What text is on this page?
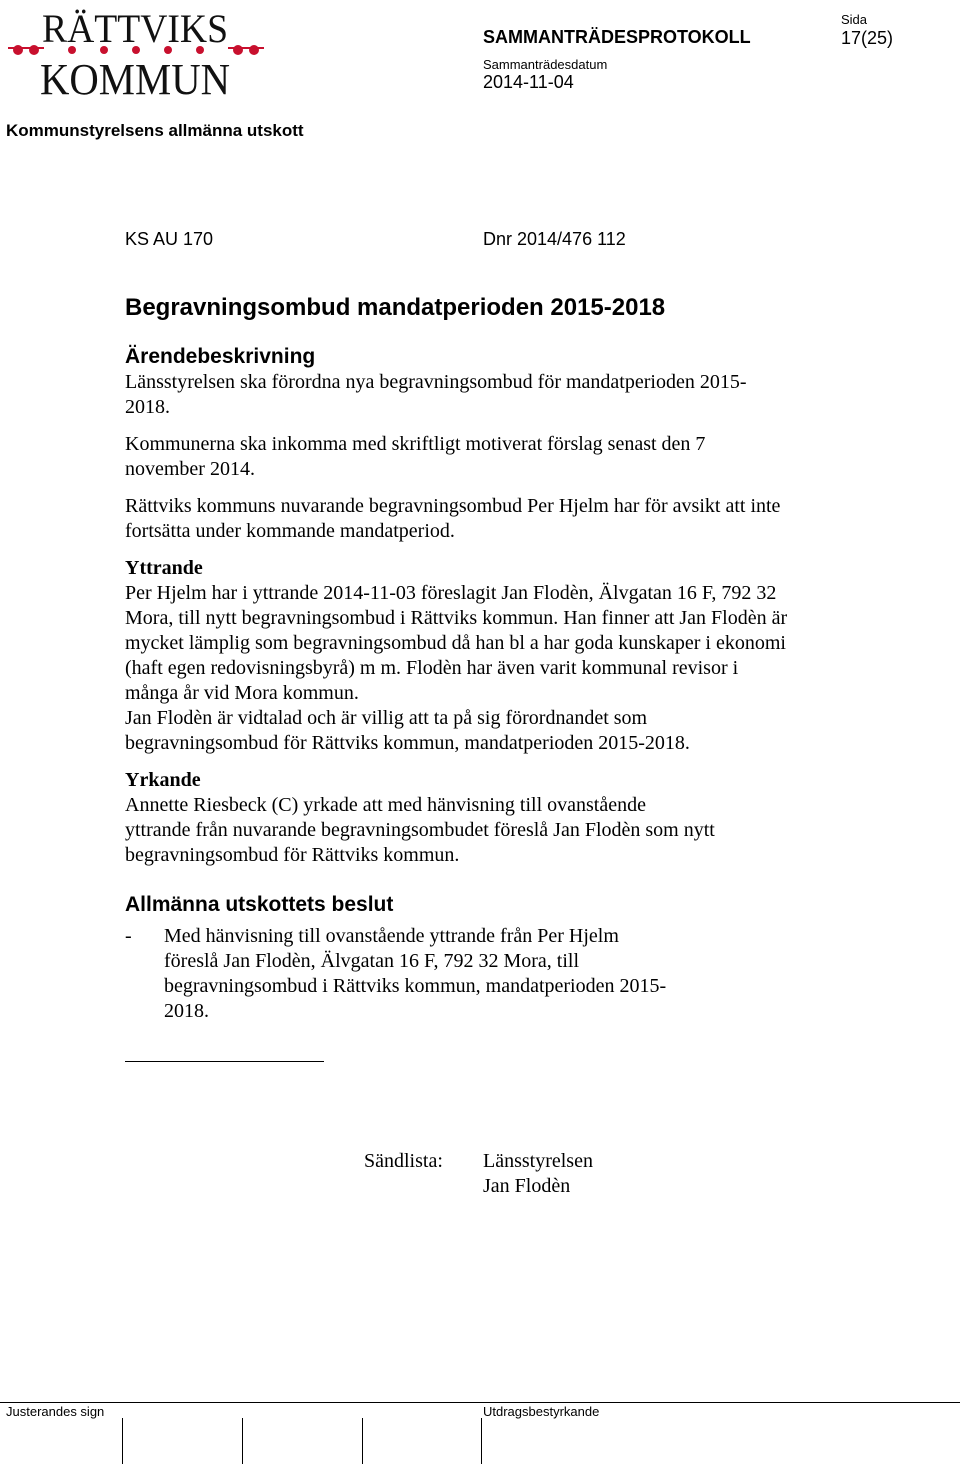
RÄTTVIKS
KOMMUN
SAMMANTRÄDESPROTOKOLL
Sammanträdesdatum
2014-11-04
Sida
17(25)
Kommunstyrelsens allmänna utskott
KS AU 170	Dnr 2014/476 112
Begravningsombud mandatperioden 2015-2018
Ärendebeskrivning

Länsstyrelsen ska förordna nya begravningsombud för mandatperioden 2015-2018.

Kommunerna ska inkomma med skriftligt motiverat förslag senast den 7 november 2014.

Rättviks kommuns nuvarande begravningsombud Per Hjelm har för avsikt att inte fortsätta under kommande mandatperiod.

Yttrande

Per Hjelm har i yttrande 2014-11-03 föreslagit Jan Flodèn, Älvgatan 16 F, 792 32 Mora, till nytt begravningsombud i Rättviks kommun. Han finner att Jan Flodèn är mycket lämplig som begravningsombud då han bl a har goda kunskaper i ekonomi (haft egen redovisningsbyrå) m m. Flodèn har även varit kommunal revisor i många år vid Mora kommun.

Jan Flodèn är vidtalad och är villig att ta på sig förordnandet som begravningsombud för Rättviks kommun, mandatperioden 2015-2018.

Yrkande

Annette Riesbeck (C) yrkade att med hänvisning till ovanstående yttrande från nuvarande begravningsombudet föreslå Jan Flodèn som nytt begravningsombud för Rättviks kommun.

Allmänna utskottets beslut
- Med hänvisning till ovanstående yttrande från Per Hjelm föreslå Jan Flodèn, Älvgatan 16 F, 792 32 Mora, till begravningsombud i Rättviks kommun, mandatperioden 2015-2018.

Sändlista: Länsstyrelsen
Jan Flodèn
Justerandes sign	Utdragsbestyrkande
